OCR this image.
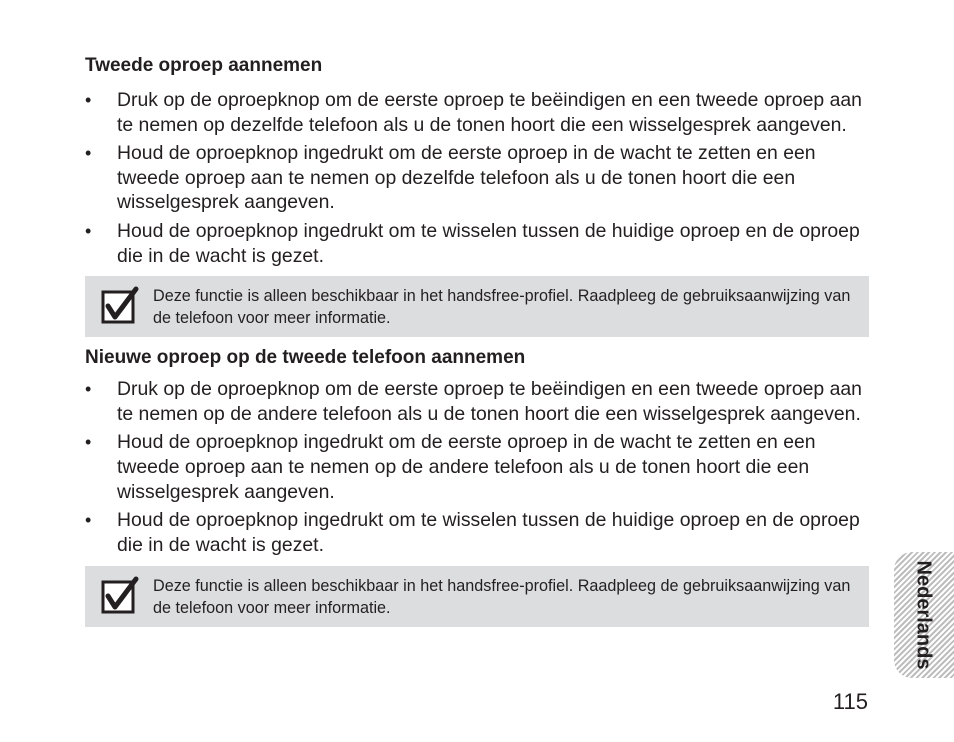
Tweede oproep aannemen
• Druk op de oproepknop om de eerste oproep te beëindigen en een tweede oproep aan te nemen op dezelfde telefoon als u de tonen hoort die een wisselgesprek aangeven.
• Houd de oproepknop ingedrukt om de eerste oproep in de wacht te zetten en een tweede oproep aan te nemen op dezelfde telefoon als u de tonen hoort die een wisselgesprek aangeven.
• Houd de oproepknop ingedrukt om te wisselen tussen de huidige oproep en de oproep die in de wacht is gezet.
Deze functie is alleen beschikbaar in het handsfree-profiel. Raadpleeg de gebruiksaanwijzing van de telefoon voor meer informatie.
Nieuwe oproep op de tweede telefoon aannemen
• Druk op de oproepknop om de eerste oproep te beëindigen en een tweede oproep aan te nemen op de andere telefoon als u de tonen hoort die een wisselgesprek aangeven.
• Houd de oproepknop ingedrukt om de eerste oproep in de wacht te zetten en een tweede oproep aan te nemen op de andere telefoon als u de tonen hoort die een wisselgesprek aangeven.
• Houd de oproepknop ingedrukt om te wisselen tussen de huidige oproep en de oproep die in de wacht is gezet.
Deze functie is alleen beschikbaar in het handsfree-profiel. Raadpleeg de gebruiksaanwijzing van de telefoon voor meer informatie.	Nederlands
115
